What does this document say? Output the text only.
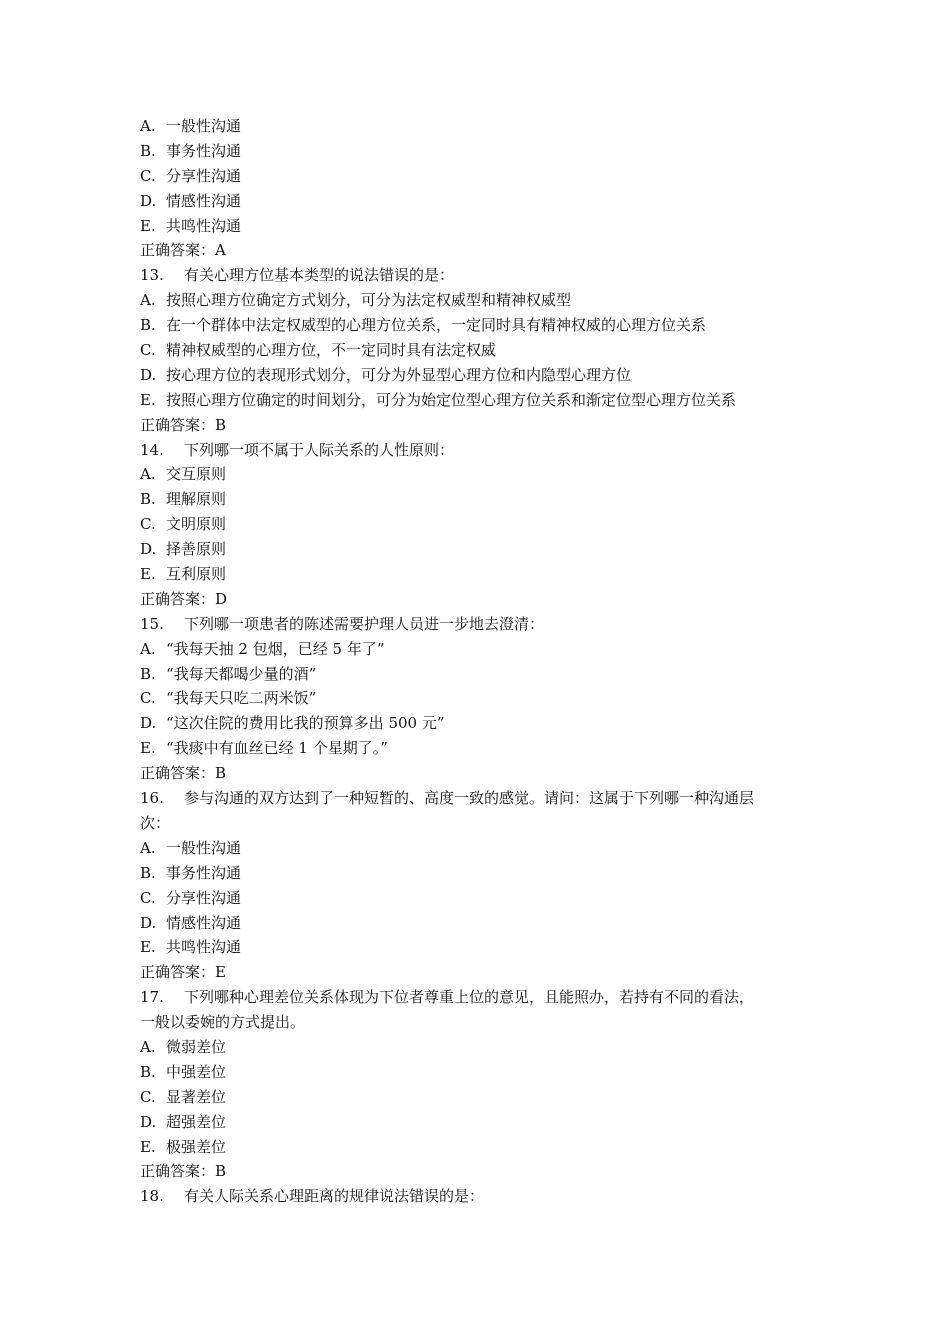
A. 一般性沟通
B. 事务性沟通
C. 分享性沟通
D. 情感性沟通
E. 共鸣性沟通
正确答案：A
13. 有关心理方位基本类型的说法错误的是：
A. 按照心理方位确定方式划分，可分为法定权威型和精神权威型
B. 在一个群体中法定权威型的心理方位关系，一定同时具有精神权威的心理方位关系
C. 精神权威型的心理方位，不一定同时具有法定权威
D. 按心理方位的表现形式划分，可分为外显型心理方位和内隐型心理方位
E. 按照心理方位确定的时间划分，可分为始定位型心理方位关系和渐定位型心理方位关系
正确答案：B
14. 下列哪一项不属于人际关系的人性原则：
A. 交互原则
B. 理解原则
C. 文明原则
D. 择善原则
E. 互利原则
正确答案：D
15. 下列哪一项患者的陈述需要护理人员进一步地去澄清：
A. “我每天抽 2 包烟，已经 5 年了”
B. “我每天都喝少量的酒”
C. “我每天只吃二两米饭”
D. “这次住院的费用比我的预算多出 500 元”
E. “我痰中有血丝已经 1 个星期了。”
正确答案：B
16. 参与沟通的双方达到了一种短暂的、高度一致的感觉。请问：这属于下列哪一种沟通层
次：
A. 一般性沟通
B. 事务性沟通
C. 分享性沟通
D. 情感性沟通
E. 共鸣性沟通
正确答案：E
17. 下列哪种心理差位关系体现为下位者尊重上位的意见，且能照办，若持有不同的看法，
一般以委婉的方式提出。
A. 微弱差位
B. 中强差位
C. 显著差位
D. 超强差位
E. 极强差位
正确答案：B
18. 有关人际关系心理距离的规律说法错误的是：
